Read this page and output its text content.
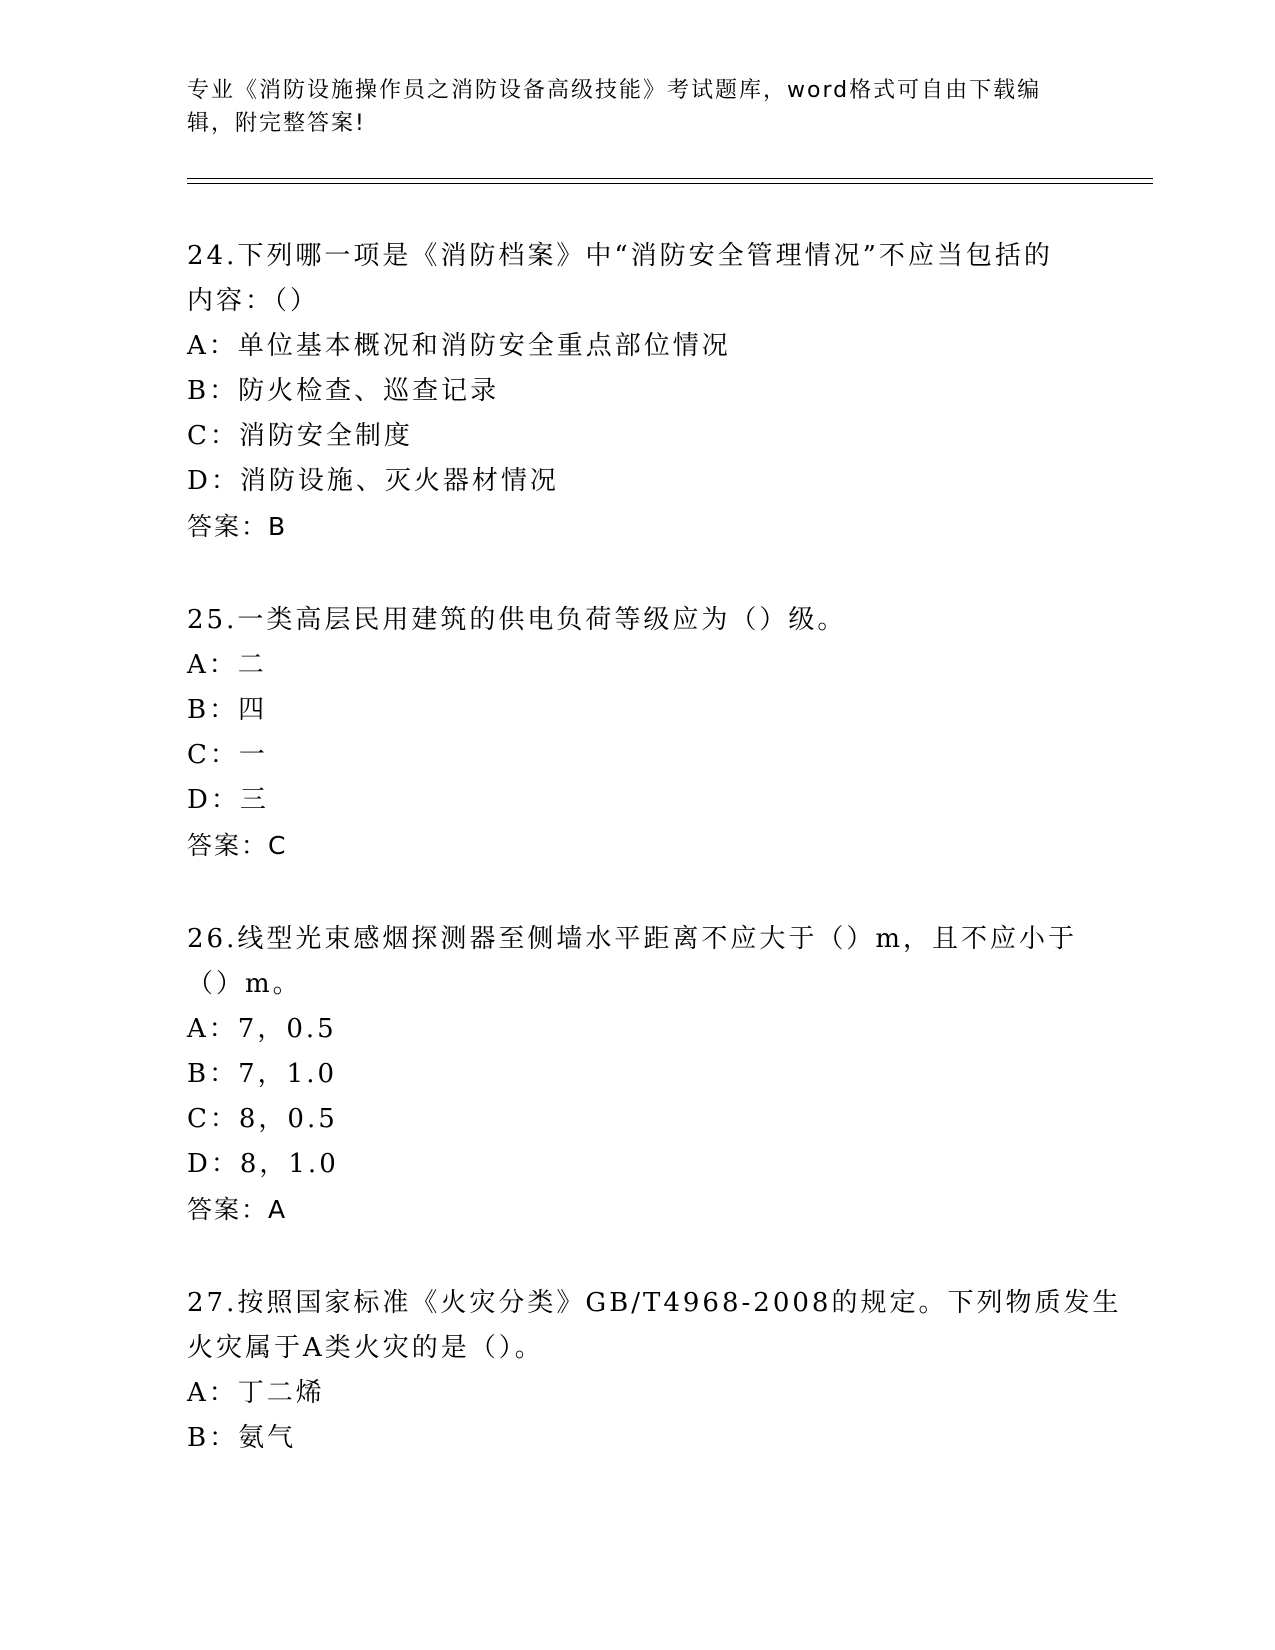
专业《消防设施操作员之消防设备高级技能》考试题库，word格式可自由下载编
辑，附完整答案!
24.下列哪一项是《消防档案》中“消防安全管理情况”不应当包括的
内容：（）
A：单位基本概况和消防安全重点部位情况
B：防火检查、巡查记录
C：消防安全制度
D：消防设施、灭火器材情况
答案：B
25.一类高层民用建筑的供电负荷等级应为（）级。
A：二
B：四
C：一
D：三
答案：C
26.线型光束感烟探测器至侧墙水平距离不应大于（）m，且不应小于
（）m。
A：7，0.5
B：7，1.0
C：8，0.5
D：8，1.0
答案：A
27.按照国家标准《火灾分类》GB/T4968-2008的规定。下列物质发生
火灾属于A类火灾的是（）。
A：丁二烯
B：氨气
